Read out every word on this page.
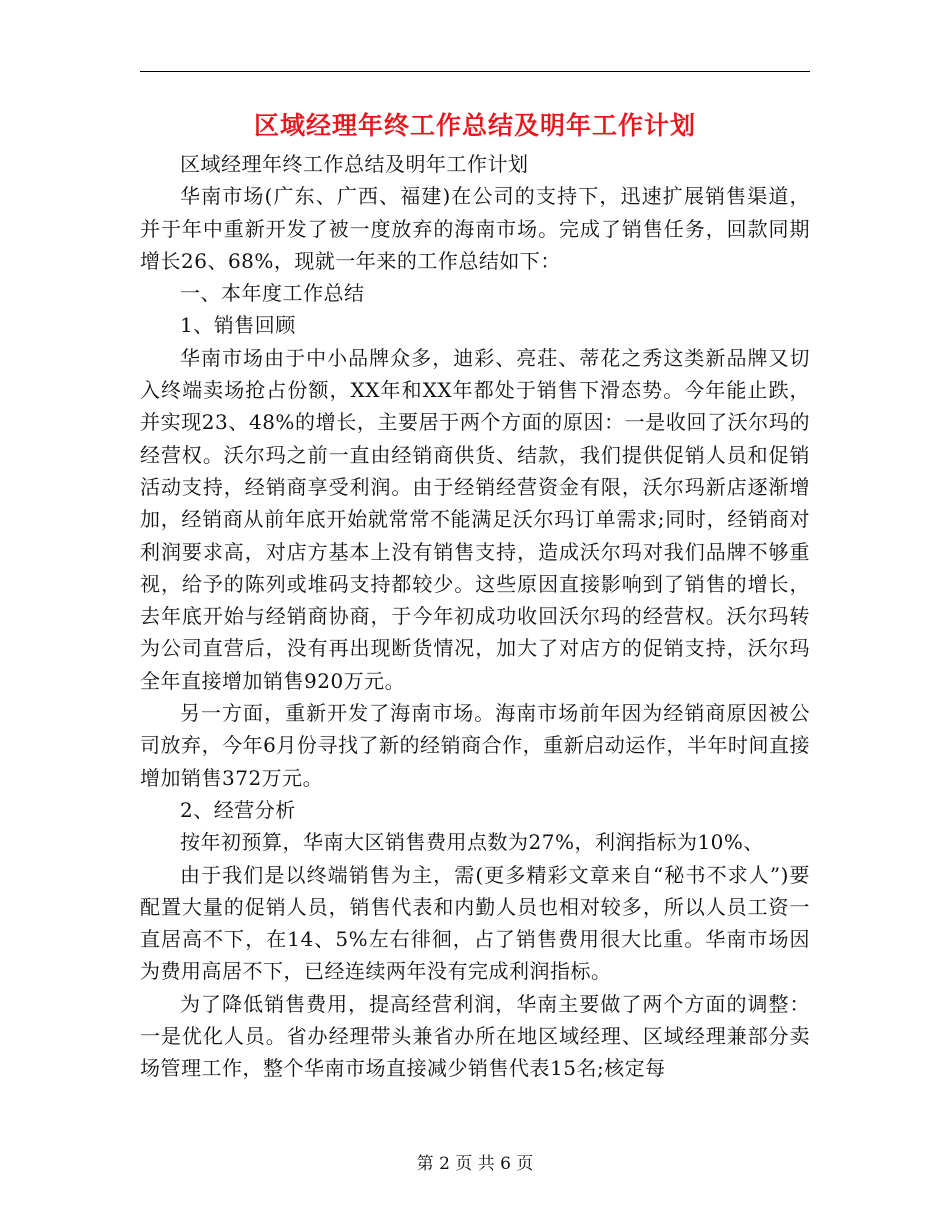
区域经理年终工作总结及明年工作计划

区域经理年终工作总结及明年工作计划

华南市场(广东、广西、福建)在公司的支持下，迅速扩展销售渠道，并于年中重新开发了被一度放弃的海南市场。完成了销售任务，回款同期增长26、68%，现就一年来的工作总结如下：

一、本年度工作总结

1、销售回顾

华南市场由于中小品牌众多，迪彩、亮荘、蒂花之秀这类新品牌又切入终端卖场抢占份额，XX年和XX年都处于销售下滑态势。今年能止跌，并实现23、48%的增长，主要居于两个方面的原因：一是收回了沃尔玛的经营权。沃尔玛之前一直由经销商供货、结款，我们提供促销人员和促销活动支持，经销商享受利润。由于经销经营资金有限，沃尔玛新店逐渐增加，经销商从前年底开始就常常不能满足沃尔玛订单需求;同时，经销商对利润要求高，对店方基本上没有销售支持，造成沃尔玛对我们品牌不够重视，给予的陈列或堆码支持都较少。这些原因直接影响到了销售的增长，去年底开始与经销商协商，于今年初成功收回沃尔玛的经营权。沃尔玛转为公司直营后，没有再出现断货情况，加大了对店方的促销支持，沃尔玛全年直接增加销售920万元。

另一方面，重新开发了海南市场。海南市场前年因为经销商原因被公司放弃，今年6月份寻找了新的经销商合作，重新启动运作，半年时间直接增加销售372万元。

2、经营分析

按年初预算，华南大区销售费用点数为27%，利润指标为10%、

由于我们是以终端销售为主，需(更多精彩文章来自“秘书不求人”)要配置大量的促销人员，销售代表和内勤人员也相对较多，所以人员工资一直居高不下，在14、5%左右徘徊，占了销售费用很大比重。华南市场因为费用高居不下，已经连续两年没有完成利润指标。

为了降低销售费用，提高经营利润，华南主要做了两个方面的调整：一是优化人员。省办经理带头兼省办所在地区域经理、区域经理兼部分卖场管理工作，整个华南市场直接减少销售代表15名;核定每

第 2 页 共 6 页
